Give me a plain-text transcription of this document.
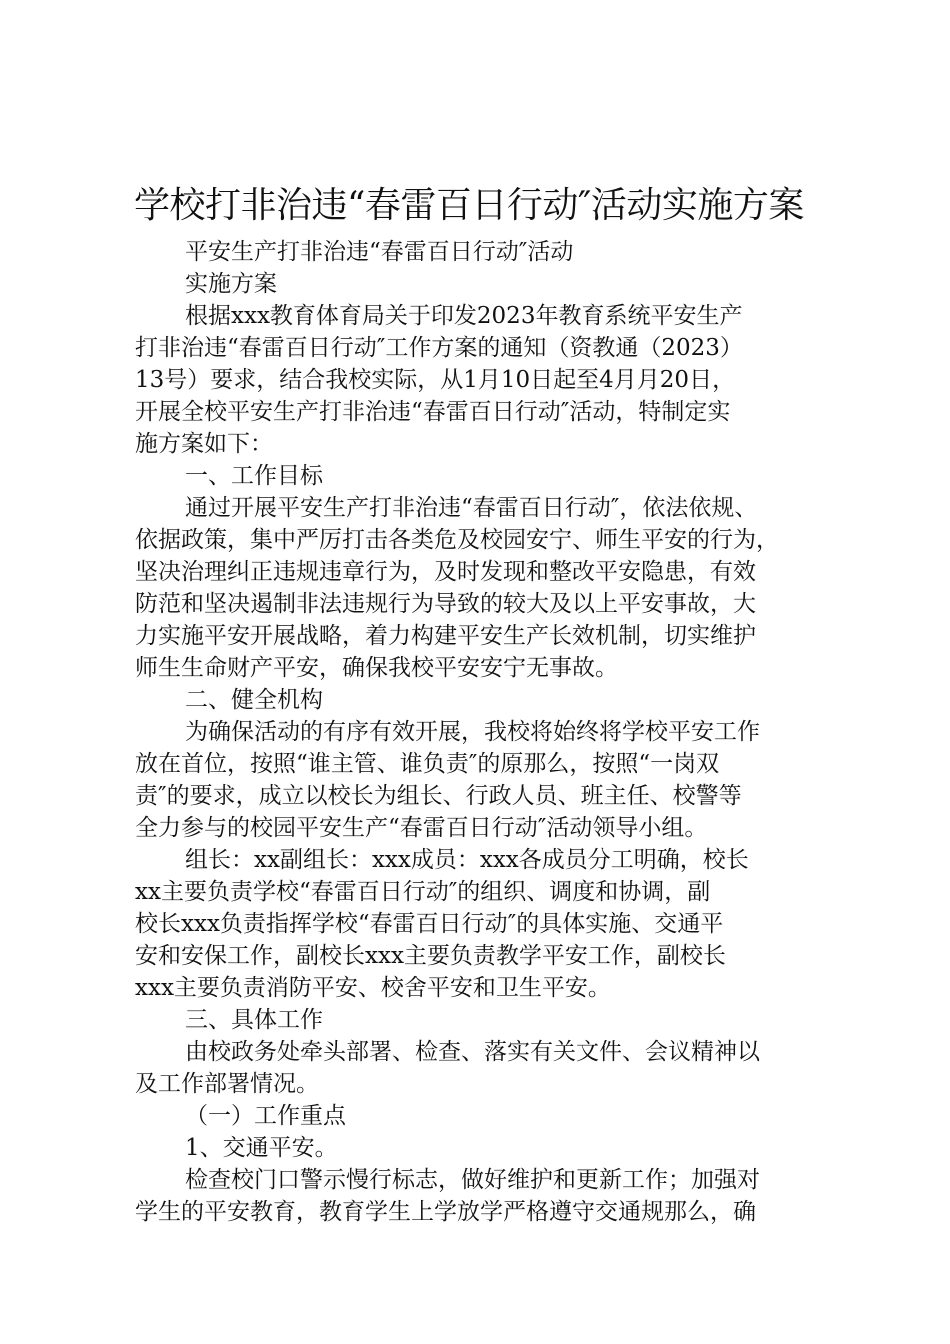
学校打非治违“春雷百日行动″活动实施方案
平安生产打非治违“春雷百日行动″活动
实施方案
根据xxx教育体育局关于印发2023年教育系统平安生产
打非治违“春雷百日行动″工作方案的通知（资教通（2023）
13号）要求，结合我校实际，从1月10日起至4月月20日，
开展全校平安生产打非治违“春雷百日行动″活动，特制定实
施方案如下：
一、工作目标
通过开展平安生产打非治违“春雷百日行动″，依法依规、
依据政策，集中严厉打击各类危及校园安宁、师生平安的行为，
坚决治理纠正违规违章行为，及时发现和整改平安隐患，有效
防范和坚决遏制非法违规行为导致的较大及以上平安事故，大
力实施平安开展战略，着力构建平安生产长效机制，切实维护
师生生命财产平安，确保我校平安安宁无事故。
二、健全机构
为确保活动的有序有效开展，我校将始终将学校平安工作
放在首位，按照“谁主管、谁负责″的原那么，按照“一岗双
责″的要求，成立以校长为组长、行政人员、班主任、校警等
全力参与的校园平安生产“春雷百日行动″活动领导小组。
组长：xx副组长：xxx成员：xxx各成员分工明确，校长
xx主要负责学校“春雷百日行动″的组织、调度和协调，副
校长xxx负责指挥学校“春雷百日行动″的具体实施、交通平
安和安保工作，副校长xxx主要负责教学平安工作，副校长
xxx主要负责消防平安、校舍平安和卫生平安。
三、具体工作
由校政务处牵头部署、检查、落实有关文件、会议精神以
及工作部署情况。
（一）工作重点
1、交通平安。
检查校门口警示慢行标志，做好维护和更新工作；加强对
学生的平安教育，教育学生上学放学严格遵守交通规那么，确
